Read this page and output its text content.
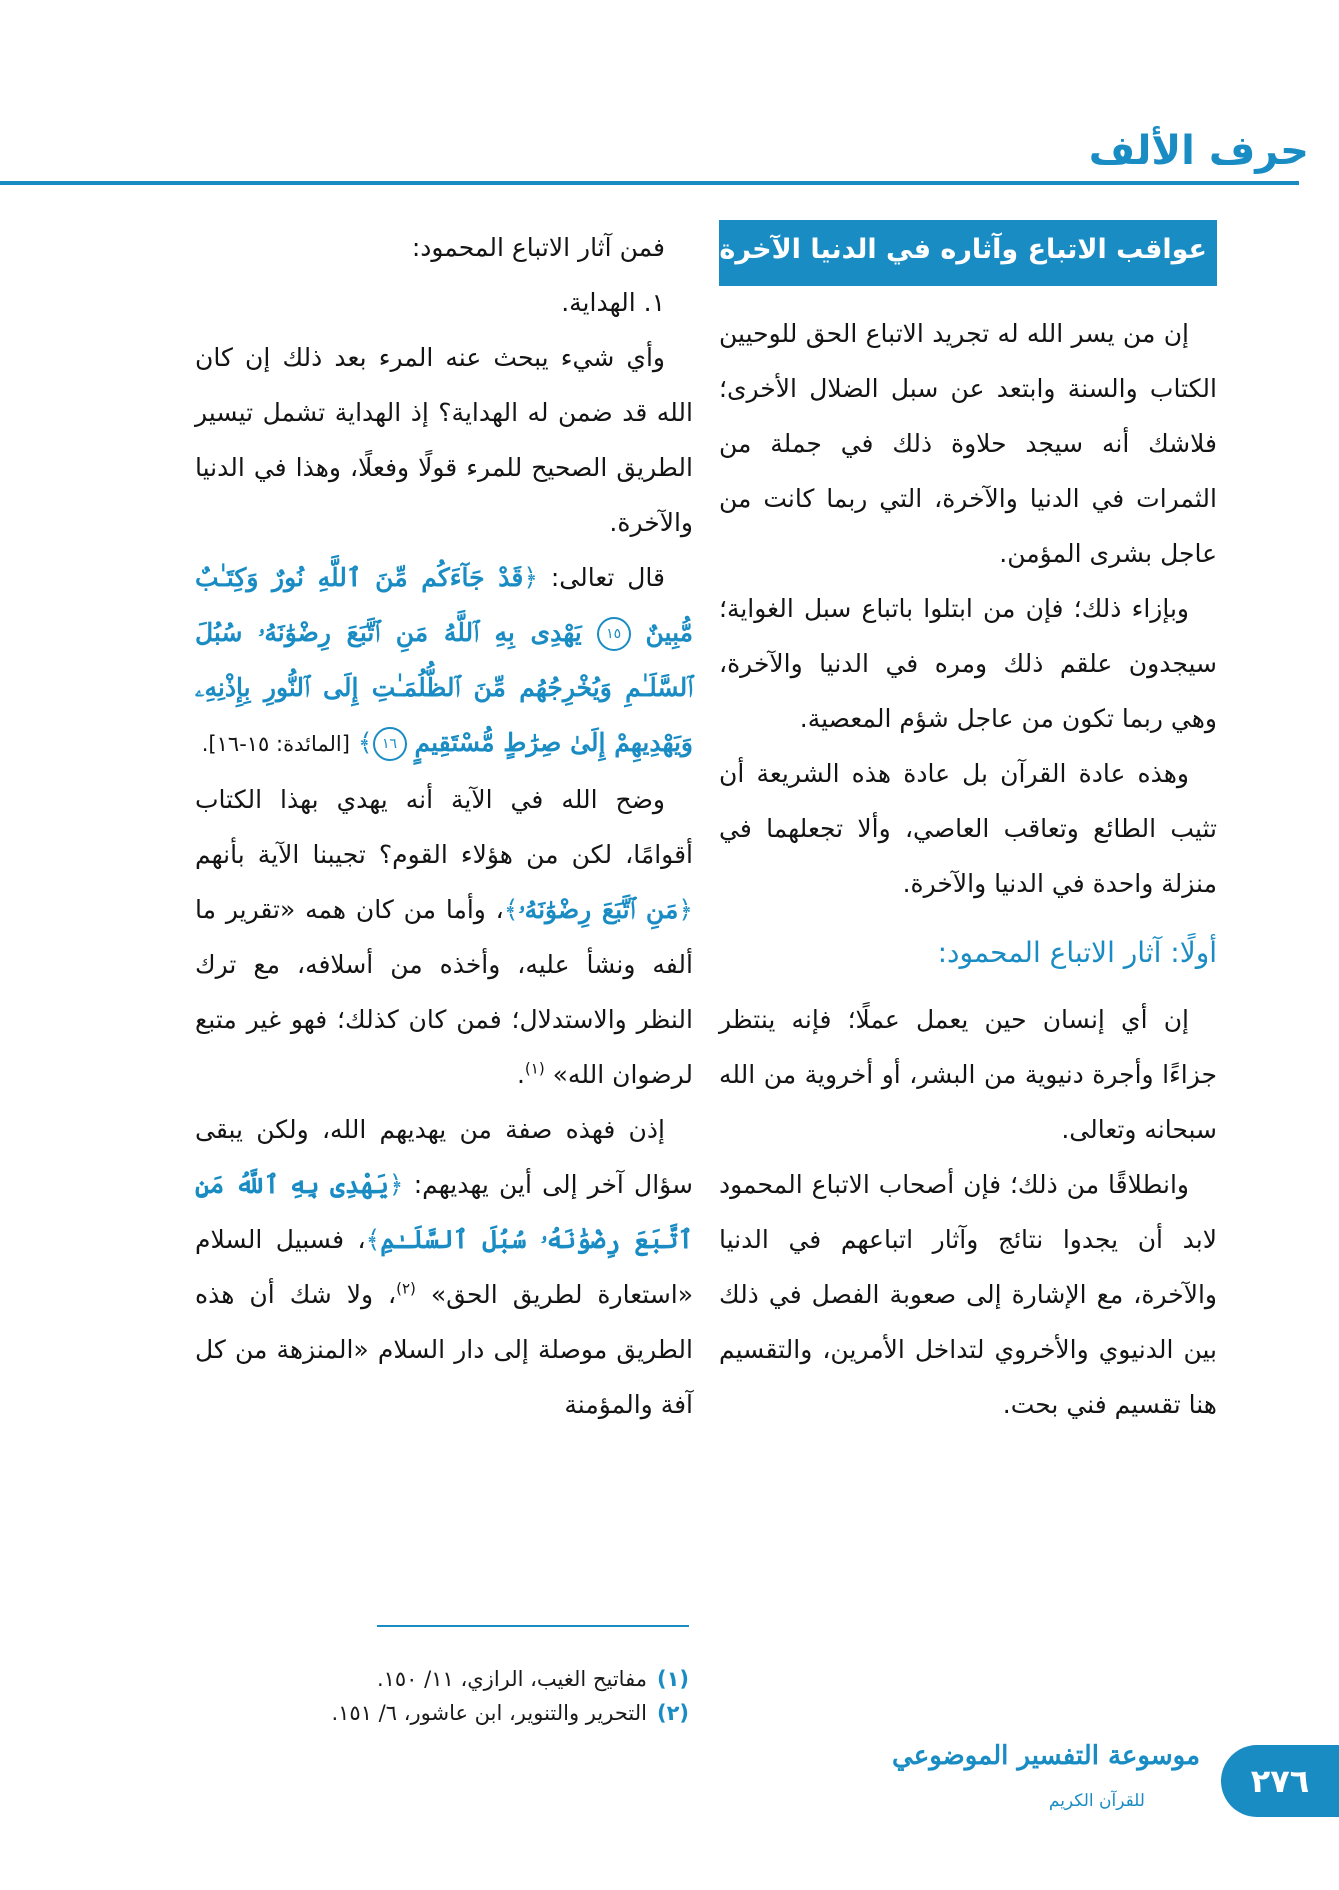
حرف الألف
عواقب الاتباع وآثاره في الدنيا الآخرة

إن من يسر الله له تجريد الاتباع الحق للوحيين الكتاب والسنة وابتعد عن سبل الضلال الأخرى؛ فلاشك أنه سيجد حلاوة ذلك في جملة من الثمرات في الدنيا والآخرة، التي ربما كانت من عاجل بشرى المؤمن.

وبإزاء ذلك؛ فإن من ابتلوا باتباع سبل الغواية؛ سيجدون علقم ذلك ومره في الدنيا والآخرة، وهي ربما تكون من عاجل شؤم المعصية.

وهذه عادة القرآن بل عادة هذه الشريعة أن تثيب الطائع وتعاقب العاصي، وألا تجعلهما في منزلة واحدة في الدنيا والآخرة.

أولًا: آثار الاتباع المحمود:

إن أي إنسان حين يعمل عملًا؛ فإنه ينتظر جزاءًا وأجرة دنيوية من البشر، أو أخروية من الله سبحانه وتعالى.

وانطلاقًا من ذلك؛ فإن أصحاب الاتباع المحمود لابد أن يجدوا نتائج وآثار اتباعهم في الدنيا والآخرة، مع الإشارة إلى صعوبة الفصل في ذلك بين الدنيوي والأخروي لتداخل الأمرين، والتقسيم هنا تقسيم فني بحت.

فمن آثار الاتباع المحمود:

١. الهداية.

وأي شيء يبحث عنه المرء بعد ذلك إن كان الله قد ضمن له الهداية؟ إذ الهداية تشمل تيسير الطريق الصحيح للمرء قولًا وفعلًا، وهذا في الدنيا والآخرة.

قال تعالى: ﴿قَدْ جَآءَكُم مِّنَ ٱللَّهِ نُورٌ وَكِتَـٰبٌ مُّبِينٌ ١٥ يَهْدِى بِهِ ٱللَّهُ مَنِ ٱتَّبَعَ رِضْوَٰنَهُۥ سُبُلَ ٱلسَّلَـٰمِ وَيُخْرِجُهُم مِّنَ ٱلظُّلُمَـٰتِ إِلَى ٱلنُّورِ بِإِذْنِهِۦ وَيَهْدِيهِمْ إِلَىٰ صِرَٰطٍ مُّسْتَقِيمٍ ١٦﴾ [المائدة: ١٥-١٦].

وضح الله في الآية أنه يهدي بهذا الكتاب أقوامًا، لكن من هؤلاء القوم؟ تجيبنا الآية بأنهم ﴿مَنِ ٱتَّبَعَ رِضْوَٰنَهُۥ﴾، وأما من كان همه «تقرير ما ألفه ونشأ عليه، وأخذه من أسلافه، مع ترك النظر والاستدلال؛ فمن كان كذلك؛ فهو غير متبع لرضوان الله» $^{(١)}$.

إذن فهذه صفة من يهديهم الله، ولكن يبقى سؤال آخر إلى أين يهديهم: ﴿يَهْدِى بِهِ ٱللَّهُ مَنِ ٱتَّبَعَ رِضْوَٰنَهُۥ سُبُلَ ٱلسَّلَـٰمِ﴾، فسبيل السلام «استعارة لطريق الحق» $^{(٢)}$، ولا شك أن هذه الطريق موصلة إلى دار السلام «المنزهة من كل آفة والمؤمنة

(١)مفاتيح الغيب، الرازي، ١١/ ١٥٠.
(٢)التحرير والتنوير، ابن عاشور، ٦/ ١٥١.
موسوعة التفسير الموضوعي
للقرآن الكريم
٢٧٦
